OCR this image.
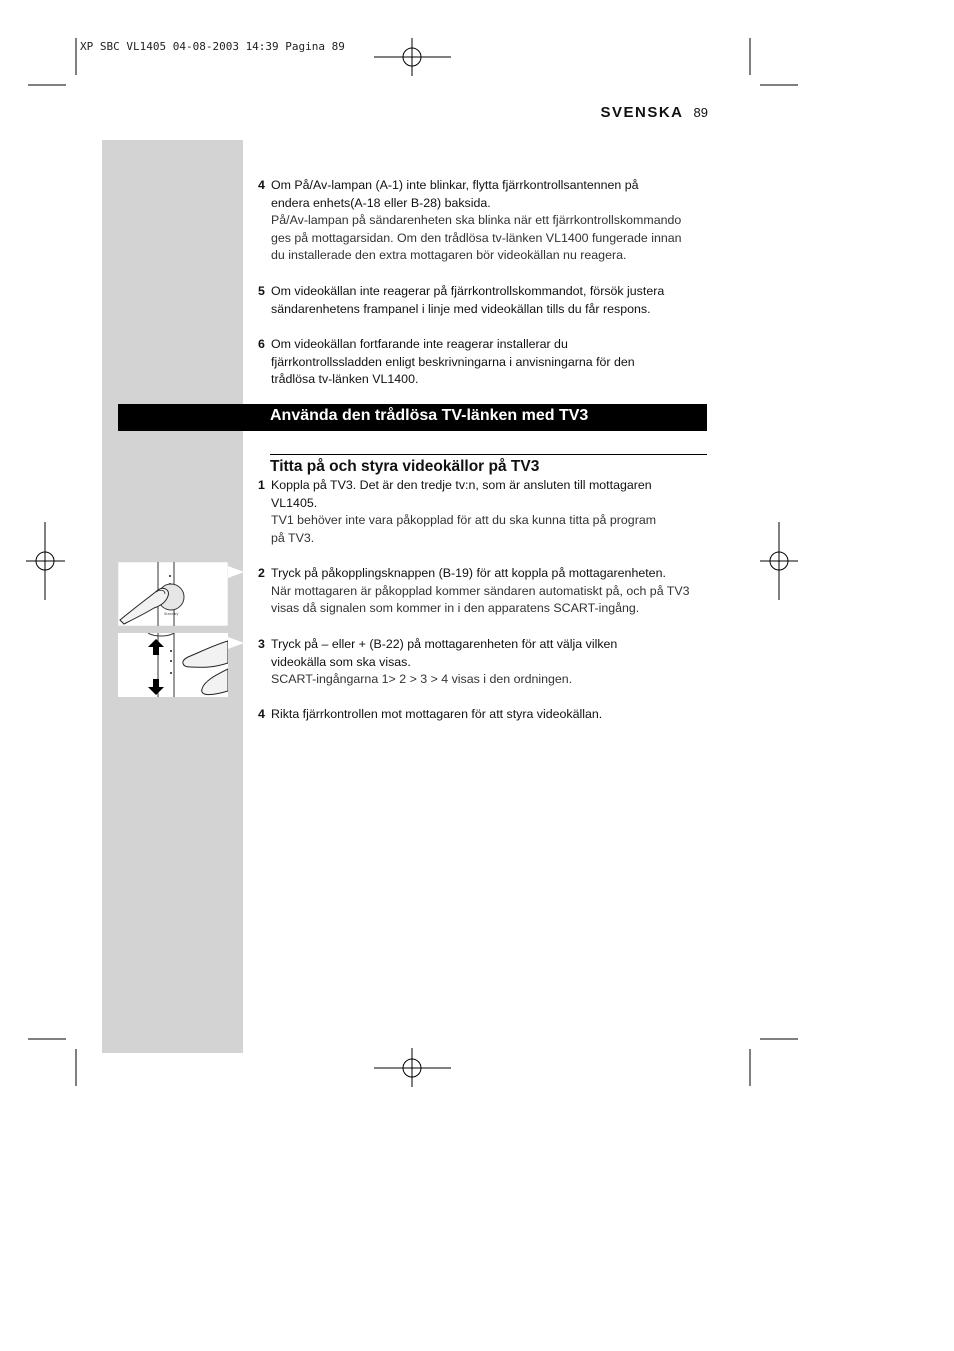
XP SBC VL1405 04-08-2003 14:39 Pagina 89
SVENSKA 89
4 Om På/Av-lampan (A-1) inte blinkar, flytta fjärrkontrollsantennen på
endera enhets(A-18 eller B-28) baksida.
På/Av-lampan på sändarenheten ska blinka när ett fjärrkontrollskommando
ges på mottagarsidan. Om den trådlösa tv-länken VL1400 fungerade innan
du installerade den extra mottagaren bör videokällan nu reagera.
5 Om videokällan inte reagerar på fjärrkontrollskommandot, försök justera
sändarenhetens frampanel i linje med videokällan tills du får respons.
6 Om videokällan fortfarande inte reagerar installerar du
fjärrkontrollssladden enligt beskrivningarna i anvisningarna för den
trådlösa tv-länken VL1400.
Använda den trådlösa TV-länken med TV3
Titta på och styra videokällor på TV3
1 Koppla på TV3. Det är den tredje tv:n, som är ansluten till mottagaren
VL1405.
TV1 behöver inte vara påkopplad för att du ska kunna titta på program
på TV3.
2 Tryck på påkopplingsknappen (B-19) för att koppla på mottagarenheten.
När mottagaren är påkopplad kommer sändaren automatiskt på, och på TV3
visas då signalen som kommer in i den apparatens SCART-ingång.
3 Tryck på – eller + (B-22) på mottagarenheten för att välja vilken
videokälla som ska visas.
SCART-ingångarna 1> 2 > 3 > 4 visas i den ordningen.
4 Rikta fjärrkontrollen mot mottagaren för att styra videokällan.
Standby
